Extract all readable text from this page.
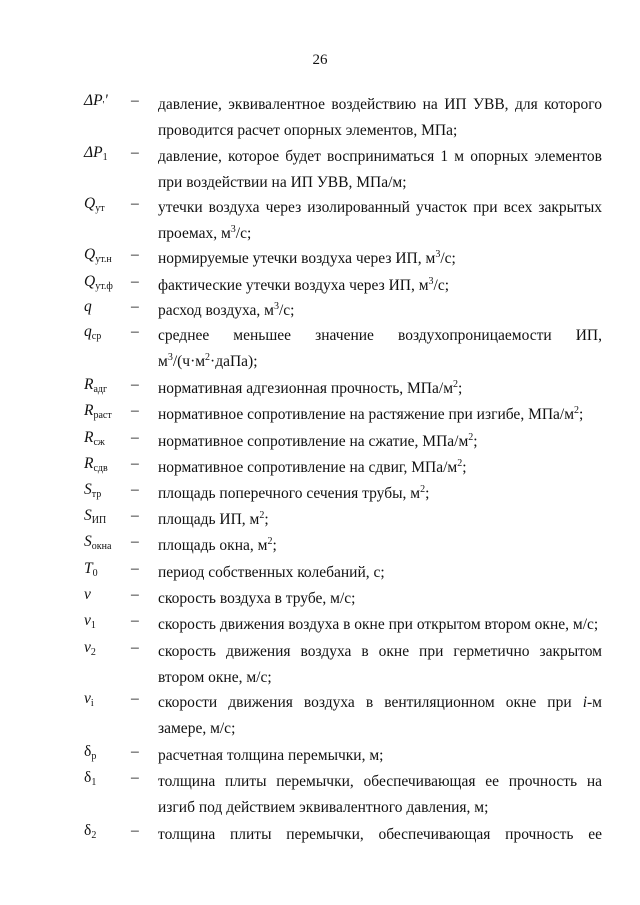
26
$\Delta P''$ – давление, эквивалентное воздействию на ИП УВВ, для которого проводится расчет опорных элементов, МПа;
$\Delta P_1$ – давление, которое будет восприниматься 1 м опорных элементов при воздействии на ИП УВВ, МПа/м;
$Q_{ут}$ – утечки воздуха через изолированный участок при всех закрытых проемах, $м^3/с$;
$Q_{ут.н}$ – нормируемые утечки воздуха через ИП, $м^3/с$;
$Q_{ут.ф}$ – фактические утечки воздуха через ИП, $м^3/с$;
q	– расход воздуха, $м^3/с$;
$q_{ср}$ – среднее меньшее значение воздухопроницаемости ИП, $м^3/(ч\cdot м^2\cdot даПа)$;
$R_{адг}$ – нормативная адгезионная прочность, МПа/$м^2$;
$R_{раст}$ – нормативное сопротивление на растяжение при изгибе, МПа/$м^2$;
$R_{сж}$ – нормативное сопротивление на сжатие, МПа/$м^2$;
$R_{сдв}$ – нормативное сопротивление на сдвиг, МПа/$м^2$;
$S_{тр}$ – площадь поперечного сечения трубы, $м^2$;
$S_{ИП}$ – площадь ИП, $м^2$;
$S_{окна}$ – площадь окна, $м^2$;
$T_0$ – период собственных колебаний, с;
v	– скорость воздуха в трубе, м/с;
$v_1$ – скорость движения воздуха в окне при открытом втором окне, м/с;
$v_2$ – скорость движения воздуха в окне при герметично закрытом втором окне, м/с;
$v_i$ – скорости движения воздуха в вентиляционном окне при i-м замере, м/с;
$\delta_р$ – расчетная толщина перемычки, м;
$\delta_1$ – толщина плиты перемычки, обеспечивающая ее прочность на изгиб под действием эквивалентного давления, м;
$\delta_2$ – толщина плиты перемычки, обеспечивающая прочность ее
